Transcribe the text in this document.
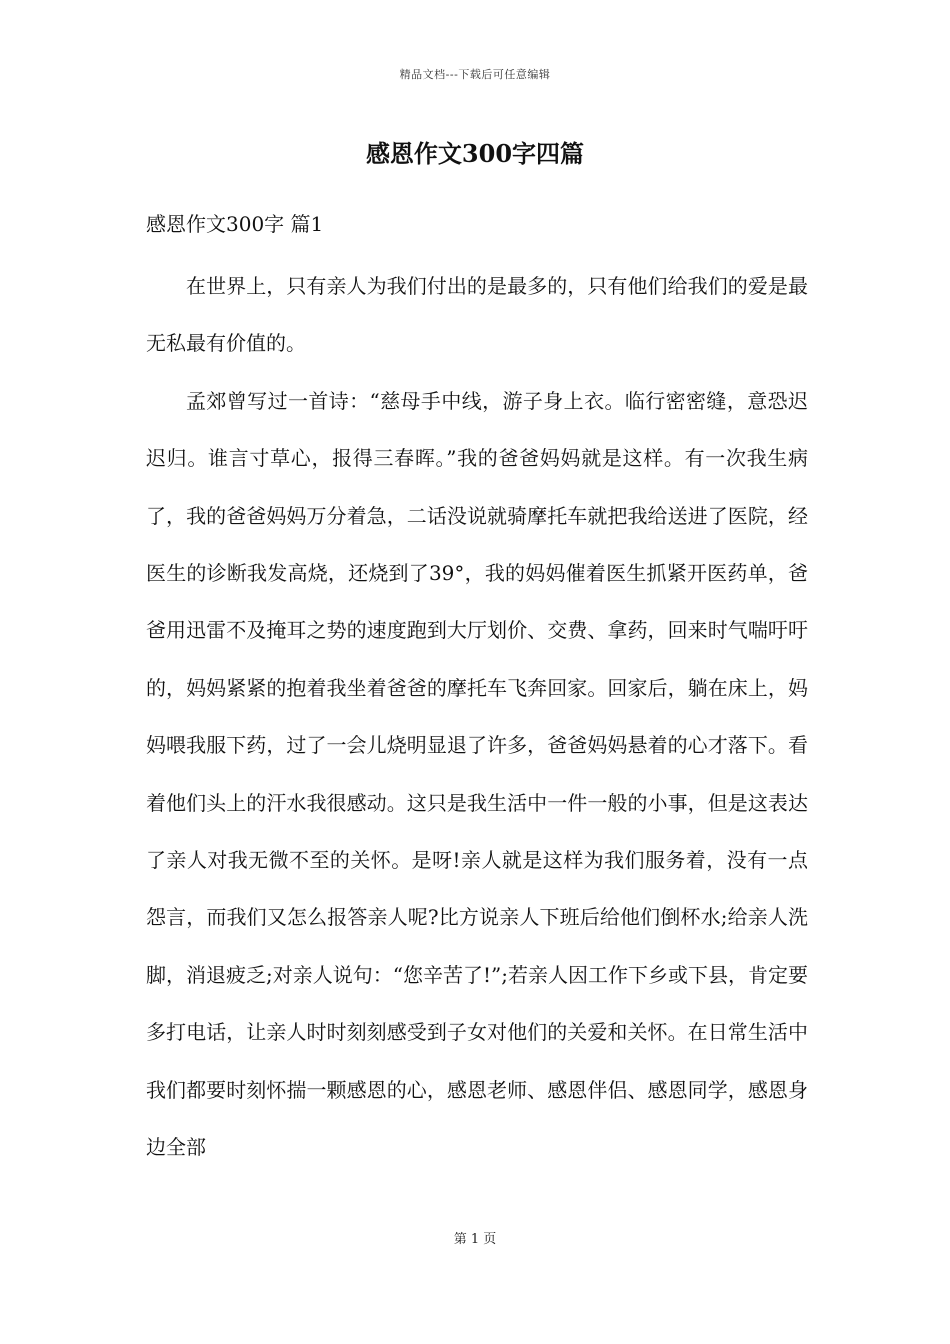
精品文档---下载后可任意编辑
感恩作文300字四篇
感恩作文300字 篇1

在世界上，只有亲人为我们付出的是最多的，只有他们给我们的爱是最无私最有价值的。

孟郊曾写过一首诗：“慈母手中线，游子身上衣。临行密密缝，意恐迟迟归。谁言寸草心，报得三春晖。”我的爸爸妈妈就是这样。有一次我生病了，我的爸爸妈妈万分着急，二话没说就骑摩托车就把我给送进了医院，经医生的诊断我发高烧，还烧到了39°，我的妈妈催着医生抓紧开医药单，爸爸用迅雷不及掩耳之势的速度跑到大厅划价、交费、拿药，回来时气喘吁吁的，妈妈紧紧的抱着我坐着爸爸的摩托车飞奔回家。回家后，躺在床上，妈妈喂我服下药，过了一会儿烧明显退了许多，爸爸妈妈悬着的心才落下。看着他们头上的汗水我很感动。这只是我生活中一件一般的小事，但是这表达了亲人对我无微不至的关怀。是呀!亲人就是这样为我们服务着，没有一点怨言，而我们又怎么报答亲人呢?比方说亲人下班后给他们倒杯水;给亲人洗脚，消退疲乏;对亲人说句：“您辛苦了!”;若亲人因工作下乡或下县，肯定要多打电话，让亲人时时刻刻感受到子女对他们的关爱和关怀。在日常生活中我们都要时刻怀揣一颗感恩的心，感恩老师、感恩伴侣、感恩同学，感恩身边全部

第 1 页
